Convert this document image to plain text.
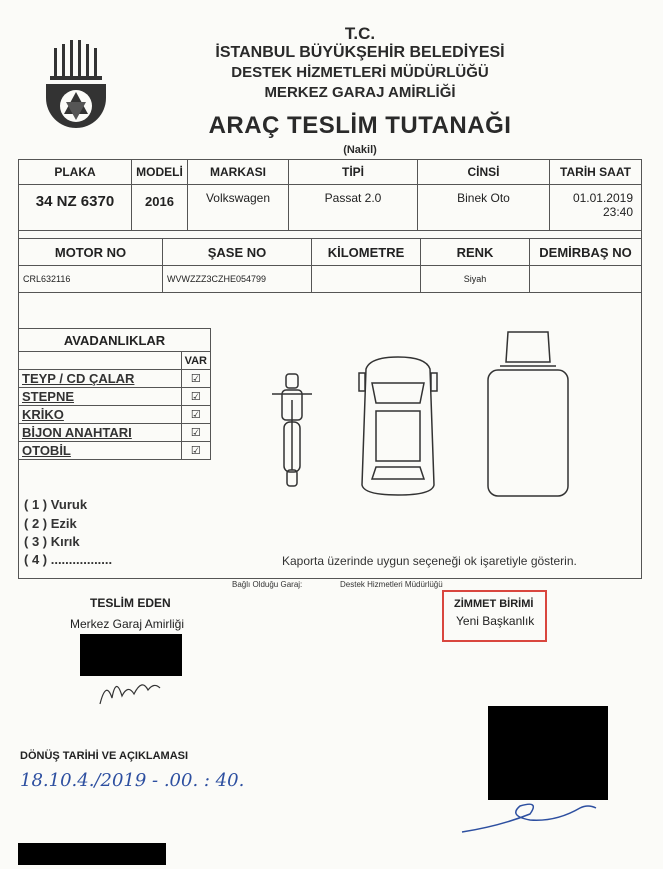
T.C.
İSTANBUL BÜYÜKŞEHİR BELEDİYESİ
DESTEK HİZMETLERİ MÜDÜRLÜĞÜ
MERKEZ GARAJ AMİRLİĞİ
ARAÇ TESLİM TUTANAĞI
(Nakil)
PLAKA	MODELİ	MARKASI	TİPİ	CİNSİ	TARİH SAAT
34 NZ 6370	2016	Volkswagen	Passat 2.0	Binek Oto	01.01.2019
23:40
MOTOR NO	ŞASE NO	KİLOMETRE	RENK	DEMİRBAŞ NO
CRL632116	WVWZZZ3CZHE054799		Siyah	
AVADANLIKLAR	
	VAR
TEYP / CD ÇALAR	☑
STEPNE	☑
KRİKO	☑
BİJON ANAHTARI	☑
OTOBİL	☑
( 1 ) Vuruk
( 2 ) Ezik
( 3 ) Kırık
( 4 ) .................	Kaporta üzerinde uygun seçeneği ok işaretiyle gösterin.
Bağlı Olduğu Garaj:	Destek Hizmetleri Müdürlüğü
TESLİM EDEN
Merkez Garaj Amirliği
ZİMMET BİRİMİ
Yeni Başkanlık
DÖNÜŞ TARİHİ VE AÇIKLAMASI
18.10.4./2019 - .00. : 40.
